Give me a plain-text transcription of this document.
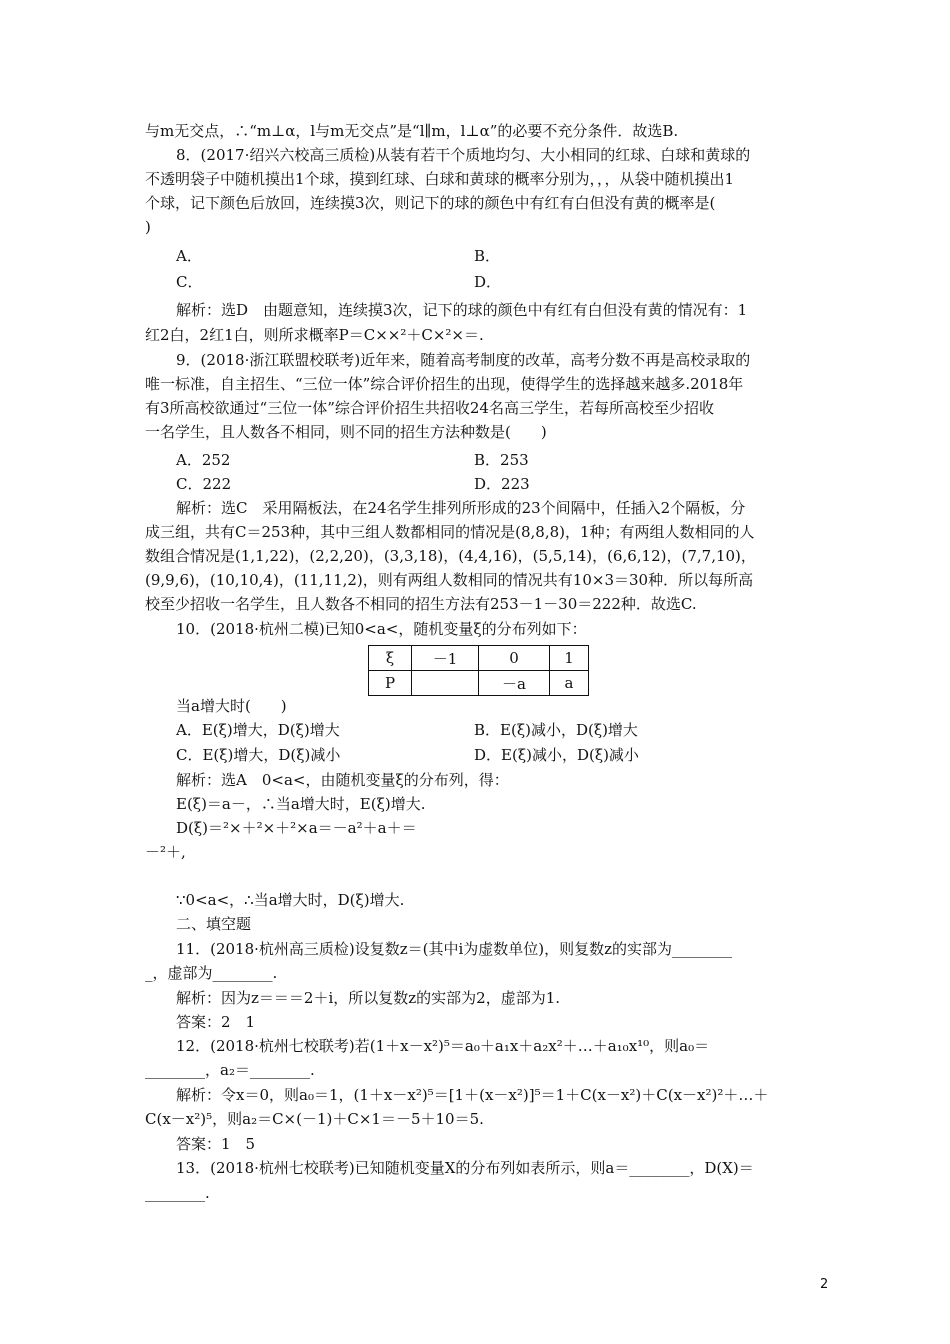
与m无交点，∴“m⊥α，l与m无交点”是“l∥m，l⊥α”的必要不充分条件．故选B.
8．(2017·绍兴六校高三质检)从装有若干个质地均匀、大小相同的红球、白球和黄球的
不透明袋子中随机摸出1个球，摸到红球、白球和黄球的概率分别为，，，从袋中随机摸出1
个球，记下颜色后放回，连续摸3次，则记下的球的颜色中有红有白但没有黄的概率是(
)
A．	B．
C．	D．
解析：选D　由题意知，连续摸3次，记下的球的颜色中有红有白但没有黄的情况有：1
红2白，2红1白，则所求概率P＝C××²＋C×²×＝.
9．(2018·浙江联盟校联考)近年来，随着高考制度的改革，高考分数不再是高校录取的
唯一标准，自主招生、“三位一体”综合评价招生的出现，使得学生的选择越来越多.2018年
有3所高校欲通过“三位一体”综合评价招生共招收24名高三学生，若每所高校至少招收
一名学生，且人数各不相同，则不同的招生方法种数是(　　)
A．252	B．253
C．222	D．223
解析：选C　采用隔板法，在24名学生排列所形成的23个间隔中，任插入2个隔板，分
成三组，共有C＝253种，其中三组人数都相同的情况是(8,8,8)，1种；有两组人数相同的人
数组合情况是(1,1,22)，(2,2,20)，(3,3,18)，(4,4,16)，(5,5,14)，(6,6,12)，(7,7,10)，
(9,9,6)，(10,10,4)，(11,11,2)，则有两组人数相同的情况共有10×3＝30种．所以每所高
校至少招收一名学生，且人数各不相同的招生方法有253－1－30＝222种．故选C.
10．(2018·杭州二模)已知0<a<，随机变量ξ的分布列如下：
ξ	－1	0	1
P		－a	a
当a增大时(　　)
A．E(ξ)增大，D(ξ)增大	B．E(ξ)减小，D(ξ)增大
C．E(ξ)增大，D(ξ)减小	D．E(ξ)减小，D(ξ)减小
解析：选A　0<a<，由随机变量ξ的分布列，得：
E(ξ)＝a－，∴当a增大时，E(ξ)增大.
D(ξ)＝²×＋²×＋²×a＝－a²＋a＋＝
－²＋,
∵0<a<，∴当a增大时，D(ξ)增大.
二、填空题
11．(2018·杭州高三质检)设复数z＝(其中i为虚数单位)，则复数z的实部为________
_，虚部为________.
解析：因为z＝＝＝2＋i，所以复数z的实部为2，虚部为1.
答案：2　1
12．(2018·杭州七校联考)若(1＋x－x²)⁵＝a₀＋a₁x＋a₂x²＋…＋a₁₀x¹⁰，则a₀＝
________，a₂＝________.
解析：令x＝0，则a₀＝1，(1＋x－x²)⁵＝[1＋(x－x²)]⁵＝1＋C(x－x²)＋C(x－x²)²＋…＋
C(x－x²)⁵，则a₂＝C×(－1)＋C×1＝－5＋10＝5.
答案：1　5
13．(2018·杭州七校联考)已知随机变量X的分布列如表所示，则a＝________，D(X)＝
________.
2
